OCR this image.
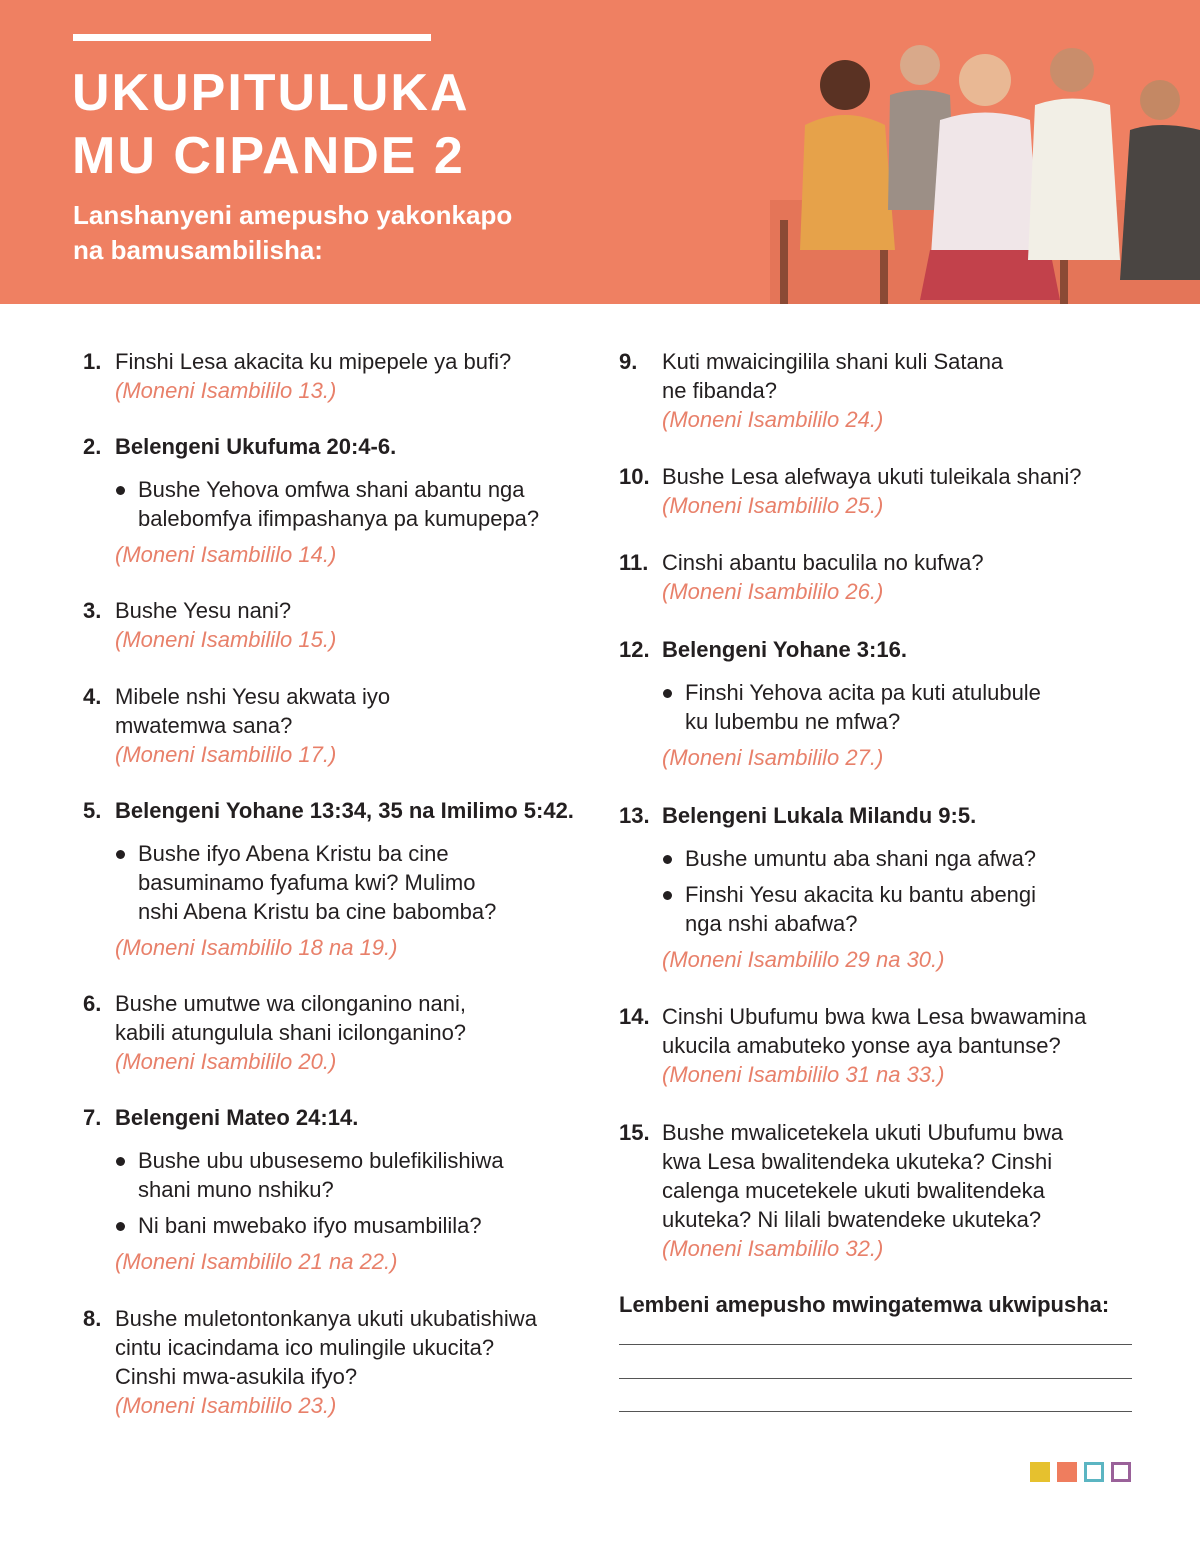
UKUPITULUKA
MU CIPANDE 2
Lanshanyeni amepusho yakonkapo
na bamusambilisha:
1. Finshi Lesa akacita ku mipepele ya bufi?
(Moneni Isambililo 13.)
2. Belengeni Ukufuma 20:4-6.
Bushe Yehova omfwa shani abantu nga
balebomfya ifimpashanya pa kumupepa?
(Moneni Isambililo 14.)
3. Bushe Yesu nani?
(Moneni Isambililo 15.)
4. Mibele nshi Yesu akwata iyo
mwatemwa sana?
(Moneni Isambililo 17.)
5. Belengeni Yohane 13:34, 35 na Imilimo 5:42.
Bushe ifyo Abena Kristu ba cine
basuminamo fyafuma kwi? Mulimo
nshi Abena Kristu ba cine babomba?
(Moneni Isambililo 18 na 19.)
6. Bushe umutwe wa cilonganino nani,
kabili atungulula shani icilonganino?
(Moneni Isambililo 20.)
7. Belengeni Mateo 24:14.
Bushe ubu ubusesemo bulefikilishiwa
shani muno nshiku?
Ni bani mwebako ifyo musambilila?
(Moneni Isambililo 21 na 22.)
8. Bushe muletontonkanya ukuti ukubatishiwa
cintu icacindama ico mulingile ukucita?
Cinshi mwa-asukila ifyo?
(Moneni Isambililo 23.)
9. Kuti mwaicingilila shani kuli Satana
ne fibanda?
(Moneni Isambililo 24.)
10. Bushe Lesa alefwaya ukuti tuleikala shani?
(Moneni Isambililo 25.)
11. Cinshi abantu baculila no kufwa?
(Moneni Isambililo 26.)
12. Belengeni Yohane 3:16.
Finshi Yehova acita pa kuti atulubule
ku lubembu ne mfwa?
(Moneni Isambililo 27.)
13. Belengeni Lukala Milandu 9:5.
Bushe umuntu aba shani nga afwa?
Finshi Yesu akacita ku bantu abengi
nga nshi abafwa?
(Moneni Isambililo 29 na 30.)
14. Cinshi Ubufumu bwa kwa Lesa bwawamina
ukucila amabuteko yonse aya bantunse?
(Moneni Isambililo 31 na 33.)
15. Bushe mwalicetekela ukuti Ubufumu bwa
kwa Lesa bwalitendeka ukuteka? Cinshi
calenga mucetekele ukuti bwalitendeka
ukuteka? Ni lilali bwatendeke ukuteka?
(Moneni Isambililo 32.)
Lembeni amepusho mwingatemwa ukwipusha:
